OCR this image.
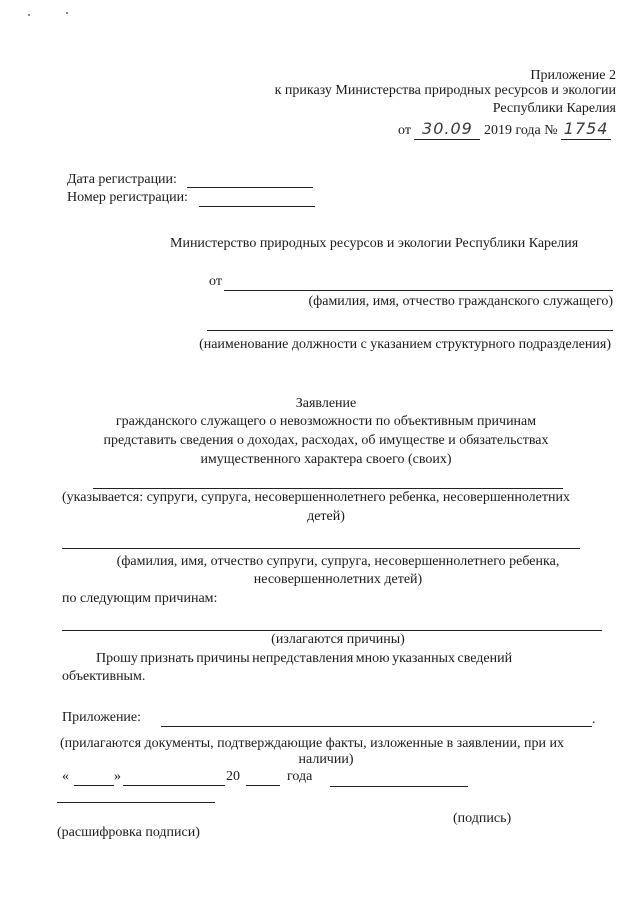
Приложение 2
к приказу Министерства природных ресурсов и экологии
Республики Карелия
от 30.09 2019 года № 1754
Дата регистрации:
Номер регистрации:
Министерство природных ресурсов и экологии Республики Карелия
от
(фамилия, имя, отчество гражданского служащего)
(наименование должности с указанием структурного подразделения)
Заявление
гражданского служащего о невозможности по объективным причинам
представить сведения о доходах, расходах, об имуществе и обязательствах
имущественного характера своего (своих)
(указывается: супруги, супруга, несовершеннолетнего ребенка, несовершеннолетних
детей)
(фамилия, имя, отчество супруги, супруга, несовершеннолетнего ребенка,
несовершеннолетних детей)
по следующим причинам:
(излагаются причины)
Прошу признать причины непредставления мною указанных сведений
объективным.
Приложение:	.
(прилагаются документы, подтверждающие факты, изложенные в заявлении, при их
наличии)
«	»	20	года
(подпись)
(расшифровка подписи)
